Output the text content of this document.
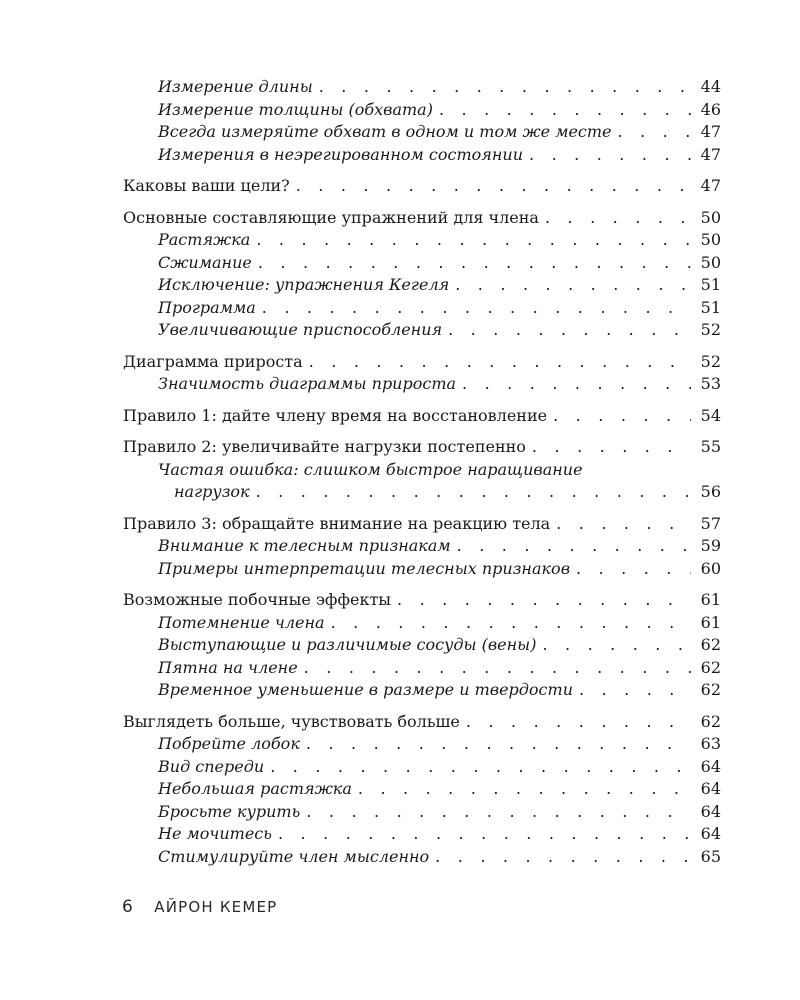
Измерение длины . . .	44
Измерение толщины (обхвата) . . .	46
Всегда измеряйте обхват в одном и том же месте . . .	47
Измерения в неэрегированном состоянии . . .	47
Каковы ваши цели? . . .	47
Основные составляющие упражнений для члена . . .	50
Растяжка . . .	50
Сжимание . . .	50
Исключение: упражнения Кегеля . . .	51
Программа . . .	51
Увеличивающие приспособления . . .	52
Диаграмма прироста . . .	52
Значимость диаграммы прироста . . .	53
Правило 1: дайте члену время на восстановление . . .	54
Правило 2: увеличивайте нагрузки постепенно . . .	55
Частая ошибка: слишком быстрое наращивание
нагрузок . . .	56
Правило 3: обращайте внимание на реакцию тела . . .	57
Внимание к телесным признакам . . .	59
Примеры интерпретации телесных признаков . . .	60
Возможные побочные эффекты . . .	61
Потемнение члена . . .	61
Выступающие и различимые сосуды (вены) . . .	62
Пятна на члене . . .	62
Временное уменьшение в размере и твердости . . .	62
Выглядеть больше, чувствовать больше . . .	62
Побрейте лобок . . .	63
Вид спереди . . .	64
Небольшая растяжка . . .	64
Бросьте курить . . .	64
Не мочитесь . . .	64
Стимулируйте член мысленно . . .	65
6 АЙРОН КЕМЕР
